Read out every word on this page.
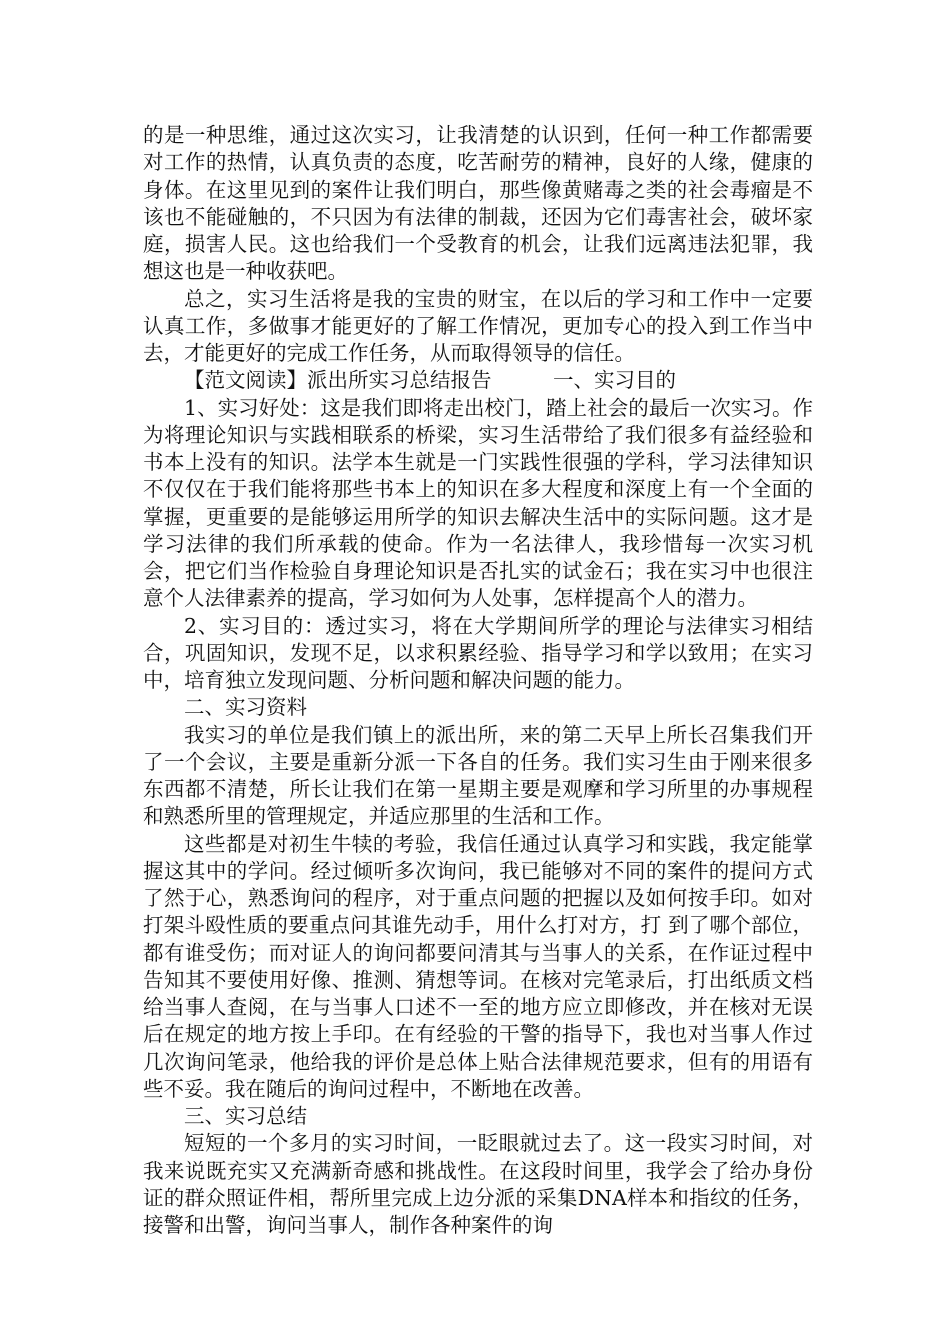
的是一种思维，通过这次实习，让我清楚的认识到，任何一种工作都需要对工作的热情，认真负责的态度，吃苦耐劳的精神，良好的人缘，健康的身体。在这里见到的案件让我们明白，那些像黄赌毒之类的社会毒瘤是不该也不能碰触的，不只因为有法律的制裁，还因为它们毒害社会，破坏家庭，损害人民。这也给我们一个受教育的机会，让我们远离违法犯罪，我想这也是一种收获吧。

总之，实习生活将是我的宝贵的财宝，在以后的学习和工作中一定要认真工作，多做事才能更好的了解工作情况，更加专心的投入到工作当中去，才能更好的完成工作任务，从而取得领导的信任。

【范文阅读】派出所实习总结报告	一、实习目的

1、实习好处：这是我们即将走出校门，踏上社会的最后一次实习。作为将理论知识与实践相联系的桥梁，实习生活带给了我们很多有益经验和书本上没有的知识。法学本生就是一门实践性很强的学科，学习法律知识不仅仅在于我们能将那些书本上的知识在多大程度和深度上有一个全面的掌握，更重要的是能够运用所学的知识去解决生活中的实际问题。这才是学习法律的我们所承载的使命。作为一名法律人，我珍惜每一次实习机会，把它们当作检验自身理论知识是否扎实的试金石；我在实习中也很注意个人法律素养的提高，学习如何为人处事，怎样提高个人的潜力。

2、实习目的：透过实习，将在大学期间所学的理论与法律实习相结合，巩固知识，发现不足，以求积累经验、指导学习和学以致用；在实习中，培育独立发现问题、分析问题和解决问题的能力。

二、实习资料

我实习的单位是我们镇上的派出所，来的第二天早上所长召集我们开了一个会议，主要是重新分派一下各自的任务。我们实习生由于刚来很多东西都不清楚，所长让我们在第一星期主要是观摩和学习所里的办事规程和熟悉所里的管理规定，并适应那里的生活和工作。

这些都是对初生牛犊的考验，我信任通过认真学习和实践，我定能掌握这其中的学问。经过倾听多次询问，我已能够对不同的案件的提问方式了然于心，熟悉询问的程序，对于重点问题的把握以及如何按手印。如对打架斗殴性质的要重点问其谁先动手，用什么打对方，打 到了哪个部位，都有谁受伤；而对证人的询问都要问清其与当事人的关系，在作证过程中告知其不要使用好像、推测、猜想等词。在核对完笔录后，打出纸质文档给当事人查阅，在与当事人口述不一至的地方应立即修改，并在核对无误后在规定的地方按上手印。在有经验的干警的指导下，我也对当事人作过几次询问笔录，他给我的评价是总体上贴合法律规范要求，但有的用语有些不妥。我在随后的询问过程中，不断地在改善。

三、实习总结

短短的一个多月的实习时间，一眨眼就过去了。这一段实习时间，对我来说既充实又充满新奇感和挑战性。在这段时间里，我学会了给办身份证的群众照证件相，帮所里完成上边分派的采集DNA样本和指纹的任务，接警和出警，询问当事人，制作各种案件的询
